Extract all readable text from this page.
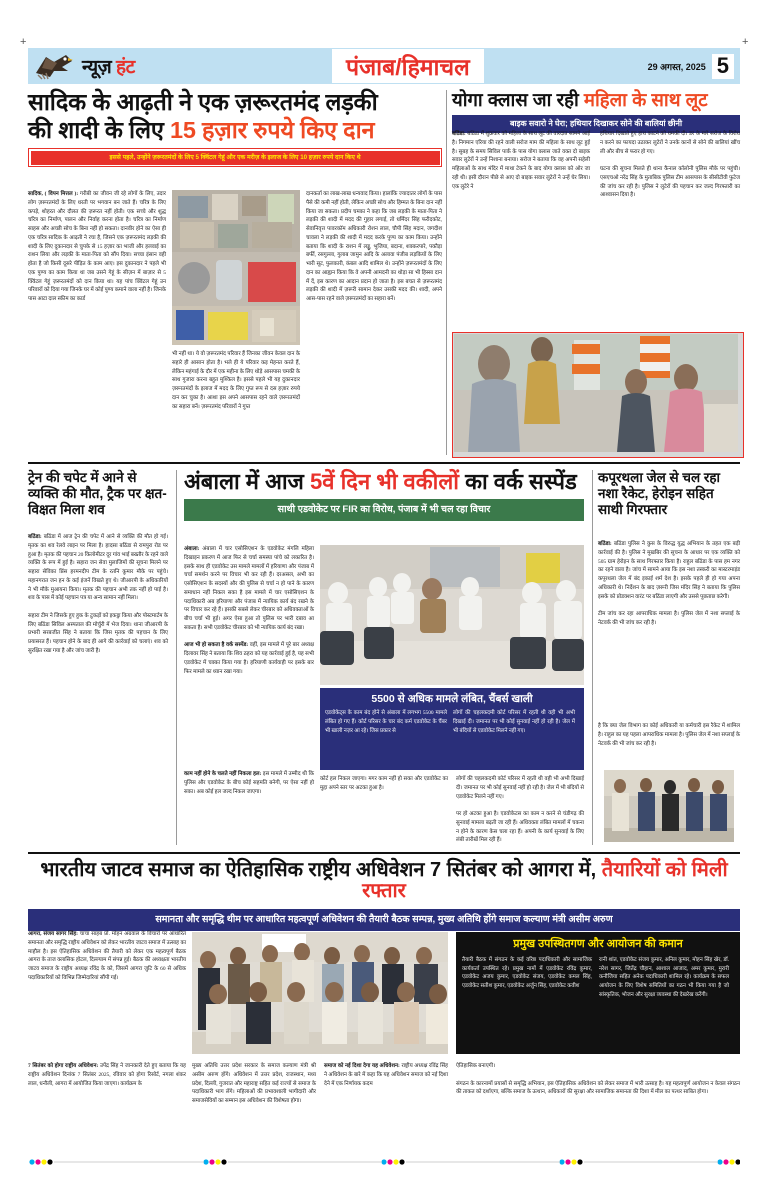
+	+
न्यूज़ हंट	पंजाब/हिमाचल	29 अगस्त, 2025 5
सादिक के आढ़ती ने एक ज़रूरतमंद लड़की
की शादी के लिए 15 हज़ार रुपये किए दान
इससे पहले, उन्होंने ज़रूरतमंदों के लिए 5 क्विंटल गेहूं और एक मरीज़ के इलाज के लिए 10 हज़ार रुपये दान किए थे
सादिक, ( विपन मित्तल ): गरीबी का जीवन जी रहे लोगों के लिए, उदार लोग ज़रूरतमंदों के लिए धरती पर भगवान बन जाते हैं। चरित्र के लिए कपड़े, शोहरत और दौलत की ज़रूरत नहीं होती। एक सच्चे और शुद्ध चरित्र का निर्माण, पालन और निर्वाह करना होता है। चरित्र का निर्माण साहस और अच्छी सोच के बिना नहीं हो सकता। दानवीर होने का ऐसा ही एक चरित्र सादिक के आढ़ती ने रचा है, जिसने एक ज़रूरतमंद लड़की की शादी के लिए दुकानदार से चुपके से 15 हज़ार का भाजी और हलवाई का राशन लिया और लड़की के माता-पिता को सौंप दिया। सच्चा इंसान वही होता है जो किसी दूसरे पीड़ित के काम आए। इस दुकानदार ने पहले भी एक पुण्य का काम किया था जब उसने गेहूं के सीज़न में बाज़ार से 5 क्विंटल गेहूं ज़रूरतमंदों को दान किया था। यह पांच क्विंटल गेहूं उन परिवारों को दिया गया जिनके घर में कोई पुण्य कमाने वाला नहीं है। जिनके पास आटा दाल स्कीम का कार्ड
भी नहीं था। ये वो ज़रूरतमंद परिवार हैं जिनका जीवन केवल दान के सहारे ही आसान होता है। भले ही ये परिवार कइ मेहनत करते हैं, लेकिन महंगाई के दौर में एक महीना के लिए थोड़े आसपास चमकी के साथ गुजारा करना बहुत मुश्किल है। इससे पहले भी यह दुकानदार ज़रूरतमंदों के इलाज में मदद के लिए गुप्त रूप से दस हज़ार रुपये दान कर चुका है। आशा इस अपने आसपास रहने वाले ज़रूरतमंदों का सहारा बनें। ज़रूरतमंद परिवारों ने गुप्त
दानकर्ता का लाख-लाख धन्यवाद किया। हालांकि ज्यादातर लोगों के पास पैसे की कमी नहीं होती, लेकिन अच्छी सोच और हिम्मत के बिना दान नहीं किया जा सकता। प्रदीप चमका ने कहा कि जब लड़की के माता-पिता ने लड़की की शादी में मदद की गुहार लगाई, तो धर्मिंदर सिंह फरीदकोट, सेवानिवृत्त पावरकॉम अधिकारी रोशन लाल, चौपी सिंह मदान, जगदीश चावला ने लड़की की शादी में मदद करके पुण्य का काम किया। उन्होंने बताया कि शादी के राशन में लड्डू, भुजिया, बदाना, शक्करपारे, पकौड़ा बर्फी, रसगुल्ला, गुलाब जामुन आदि के अलावा पंजीब लड़कियों के लिए भारी सूट, फुलकारी, कंबल आदि शामिल थे। उन्होंने ज़रूरतमंदों के लिए दान का आह्वान किया कि वे अपनी आमदनी का थोड़ा सा भी हिस्सा दान में दें, इस कारण का आदान प्रदान हो जाता है। इस बचत से ज़रूरतमंद लड़की की शादी में ज़रूरी सामान देकर उसकी मदद की। शादी, अपने आस-पास रहने वाले ज़रूरतमंदों का सहारा बनें।
योगा क्लास जा रही महिला के साथ लूट
बाइक सवारो ने घेरा; हथियार दिखाकर सोने की बालियां छीनी
बठिंडा: बठिंडा में शुक्रवार को महिला के साथ लूट की वारदात सामने आई है। निगमान एरिया की रहने वाली सरोज माम की महिला के साथ लूट हुई है। सुबह के समय सिविल पार्क के पास योगा क्लास जाते वक्त दो बाइक सवार लुटेरों ने उन्हें निशाना बनाया। सरोज ने बताया कि वह अपनी सहेली महिलाओं के साथ मंदिर में माथा टेकने के बाद योगा क्लास को ओर जा रही थी। इसी दौरान पीछे से आए दो बाइक सवार लुटेरों ने उन्हें घेर लिया। एक लुटेरे ने
हथियार दिखाते हुए हाथ काटने को धमकी दी। डर के मारे सरोज के विरोध न करने का फायदा उठाकर लुटेरों ने उनके कानों से सोने की बालियां खींच ली और बीच से फरार हो गए।

घटना की सूचना मिलते ही थाना कैनाल कॉलोनी पुलिस मौके पर पहुंची। एसएचओ नरेंद्र सिंह के मुताबिक पुलिस टीम आसपास के सीसीटीवी फुटेज की जांच कर रही है। पुलिस ने लुटेरों की पहचान कर जल्द गिरफ्तारी का आश्वासन दिया है।
ट्रेन की चपेट में आने से व्यक्ति की मौत, ट्रैक पर क्षत-विक्षत मिला शव
बठिंडा: बठिंडा में आज ट्रेन की चपेट में आने से व्यक्ति की मौत हो गई। मृतक का शव रेलवे लाइन पर मिला है। हादसा बठिंडा से रामपुरा रोड पर हुआ है। मृतक की पहचान 20 किलोमीटर दूर गांव भाई बख्तौर के रहने वाले व्यक्ति के रूप में हुई है। सहारा जन सेवा मुलाजिमों की सूचना मिलने पर सहारा सेविका प्रिंस हरमनदीप टीम के रतनि कुमार मौके पर पहुंचे। महानगरात जन हन के कई इंजनें विखते हुए थे। जीआरपी के अधिकारियों ने भी मौके मुआयना किया। मृतक की पहचान अभी तक नहीं हो पाई है। शव के पास में कोई पहचान पत्र या अन्य सामान नहीं मिला।

सहारा टीम ने जिसके हुए हुक के टुकड़ों को इकट्ठा किया और पोस्टमार्टम के लिए बठिंडा सिविल अस्पताल की मोर्चुरी में भेज दिया। थाना जीआरपी के प्रभारी सरबजीत सिंह ने बताया कि जिस मृतक की पहचान के लिए प्रयासरत हैं। पहचान होने के बाद ही आगे की कार्रवाई को चलाएं। शव को सुरक्षित रखा गया है और जांच जारी है।
अंबाला में आज 5वें दिन भी वकीलों का वर्क सस्पेंड
साथी एडवोकेट पर FIR का विरोध, पंजाब में भी चल रहा विचार
अंबाला: अंबाला में चार एसोसिएशन के एडवोकेट मंगलि महिला दिखाइन प्रकरण में आज फिर से चर्चा समस्या पांचे को लकारित है। इसके साथ ही एडवोकेट उस मामले मामलों में हरियाणा और पंजाब में चर्चा समर्थन करने पर विचार भी कर रही हैं। दरअसल, अभी का एसोसिएशन के सदस्यों और की पुलिस से चर्चा न हो पाने के कारण समाधान नहीं निकल सका है इस मामले में चार एसोसिएशन के पदाधिकारी अब हरियाणा और पंजाब में न्यायिक कार्य बंद रखने के पर विचार कर रहे हैं। इसकी सबसे लेकर चीरबार को अधिवक्ताओं के बीच चर्चा भी हुई। अगर ऐसा हुआ तो पुलिस पर भारी दबाव आ सकता है। सभी एडवोकेट चीरबार को भी न्यायिक कार्य बंद रखा।

आज भी हो सकता है वर्क सस्पेंड: वहीं, इस मामले में पूरे बार अध्यक्ष दिलावर सिंह ने बताया कि शिव ठहरा को यह कार्रवाई हुई है, यह सभी एडवोकेट में चक्का किया गया है। हरियाणी कार्यवाही पर इसके बार फिर मामले का ध्यान रखा गया।
5500 से अधिक मामले लंबित, चैंबर्स खाली
एडवोकेट्स के काम बंद होने से अंबाला में लगभग 5500 मामले लंबित हो गए हैं। कोर्ट परिसर के चार बंद कर्म एडवोकेट के चैंबर भी खाली नज़र आ रहे। जिस प्रकार से
लोगों की चहलकदमी कोर्ट परिसर में रहती थी वही भी अभी दिखाई दी। जमानत पर भी कोई सुनवाई नहीं हो रही है। जेल में भी बंदियों से एडवोकेट मिलने नहीं गए।
काम नहीं होने के चलते नहीं निकला हल: इस मामले में उम्मीद थी कि पुलिस और एडवोकेट के बीच कोई सहमति बनेगी, पर ऐसा नहीं हो सका। अब कोई हल जल्द निकल जाएगा।
कोर्ट हल निकल जाएगा। मगर काम नहीं हो सका और एडवोकेट का मुद्दा अपने स्तर पर अटका हुआ है।
लोगों की चहलकदमी कोर्ट परिसर में रहती थी वही भी अभी दिखाई दी। जमानत पर भी कोई सुनवाई नहीं हो रही है। जेल में भी बंदियों से एडवोकेट मिलने नहीं गए।

पर हो अटका हुआ है। एडवोकेटस का काम न करने से चंडीगढ़ की सुनवाई मामला बढ़ती जा रही हैं। अधिवक्ता लंबित मामलों में चकना न होने के कारण केस चला रहा हैं। अपनी के कार्य सुनवाई के लिए लंबी तारीखें मिल रही हैं।
कपूरथला जेल से चल रहा नशा रैकेट, हेरोइन सहित साथी गिरफ्तार
बठिंडा: बठिंडा पुलिस ने कुस के विरुद्ध युद्ध अभियान के तहत एक बड़ी कार्रवाई की है। पुलिस ने मुखबिर की सूचना के आधार पर एक व्यक्ति को 505 ग्राम हेरोइन के साथ गिरफ्तार किया है। राहुल बठिंडा के पास हम नगर का रहने वाला है। जांच में सामने आया कि इस नशा तस्करी का मास्टरमाइंड कपूरथला जेल में बंद इकाई शर्म देश है। इसके पहले ही हो गया अपना अधिकारी थे। निर्देशन के बाद ज़रूरी जिस मंदिर सिंह ने बताया कि पुलिस इसके को प्रोडक्शन वारंट पर बठिंडा लाएगी और उससे पूछताछ करेगी।

टीम जांच कर रहा आपराधिक मामला है। पुलिस जेल में नशा सप्लाई के नेटवर्क की भी जांच कर रही है।
है कि क्या जेल विभाग का कोई अधिकारी या कर्मचारी इस रैकेट में शामिल है। राहुल का यह पहला आपराधिक मामला है। पुलिस जेल में नशा सप्लाई के नेटवर्क की भी जांच कर रही है।
भारतीय जाटव समाज का ऐतिहासिक राष्ट्रीय अधिवेशन 7 सितंबर को आगरा में, तैयारियों को मिली रफ्तार
समानता और समृद्धि थीम पर आधारित महत्वपूर्ण अधिवेशन की तैयारी बैठक सम्पन्न, मुख्य अतिथि होंगे समाज कल्याण मंत्री असीम अरुण
आगरा, संजय सागर सिंह: चाचा साहब प्रो. मोहन अग्रवाल के विचारों पर आधारित समानता और समृद्धि राष्ट्रीय अधिवेशन को लेकर भारतीय जाटव समाज में उत्साह का माहौल है। इस ऐतिहासिक अधिवेशन की तैयारी को लेकर एक महत्वपूर्ण बैठक आगरा के ताज क्लासिक होटल, दिल्ल्याम में संपन्न हुई। बैठक की अध्यक्षता भारतीय जाटव समाज के राष्ट्रीय अध्यक्ष रविंद्र के को, जिसमें आगरा जुटि के 60 से अधिक पदाधिकारियों को विभिन्न जिम्मेदारियां सौंपी गई।
7 सितंबर को होगा राष्ट्रीय अधिवेशन: उपेंद्र सिंह ने जानकारी देते हुए बताया कि यह राष्ट्रीय अधिवेशन दिनांक 7 सितंबर 2025, रविवार को होगा रिसोर्ट, नगला शंकर लाल, धनौली, आगरा में आयोजित किया जाएगा। कार्यक्रम के
मुख्य अतिथि उत्तर प्रदेश सरकार के समाज कल्याण मंत्री श्री असीम अरुण होंगे। अधिवेशन में उत्तर प्रदेश, राजस्थान, मध्य प्रदेश, दिल्ली, गुजरात और महाराष्ट्र सहित कई राज्यों से समाज के पदाधिकारी भाग लेंगे। महिलाओं की प्रभावशाली भागीदारी और समाजसेवियों का सम्मान इस अधिवेशन की विशेषता होगा।
समाज को नई दिशा देगा यह अधिवेशन: राष्ट्रीय अध्यक्ष रविंद्र सिंह ने अधिवेशन के बारे में कहा कि यह अधिवेशन समाज को नई दिशा देने में एक निर्णायक कदम
प्रमुख उपस्थितगण और आयोजन की कमान
तैयारी बैठक में संगठन के कई वरिष्ठ पदाधिकारी और सामाजिक कार्यकर्ता उपस्थित रहे। प्रमुख नामों में एडवोकेट रविंद्र कुमार, एडवोकेट अजय कुमार, एडवोकेट संजय, एडवोकेट कमल सिंह, एडवोकेट सतीश कुमार, एडवोकेट अर्जुन सिंह, एडवोकेट कवीश
रानी शांत, एडवोकेट संजय कुमार, अनिल कुमार, मोहन सिंह खेर, डॉ. नरेश सागर, जितेंद्र चौहान, आशाल आजाद, अमर कुमार, मुरारी कनौजिया सहित अनेक पदाधिकारी शामिल रहे। कार्यक्रम के सफल आयोजन के लिए विशेष समितियों का गठन भी किया गया है जो सांस्कृतिक, भोजन और सुरक्षा व्यवस्था की देखरेख करेंगी।
ऐतिहासिक बनाएगी।

संगठन के कारनामों प्रयासों से समृद्धि अभियान, इस ऐतिहासिक अधिवेशन को लेकर समाज में भारी उत्साह है। यह महत्वपूर्ण आयोजन न केवल संगठन की ताकत को दर्शाएगा, बल्कि समाज के उत्थान, अधिकारों की सुरक्षा और सामाजिक समानता की दिशा में मील का पत्थर साबित होगा।
